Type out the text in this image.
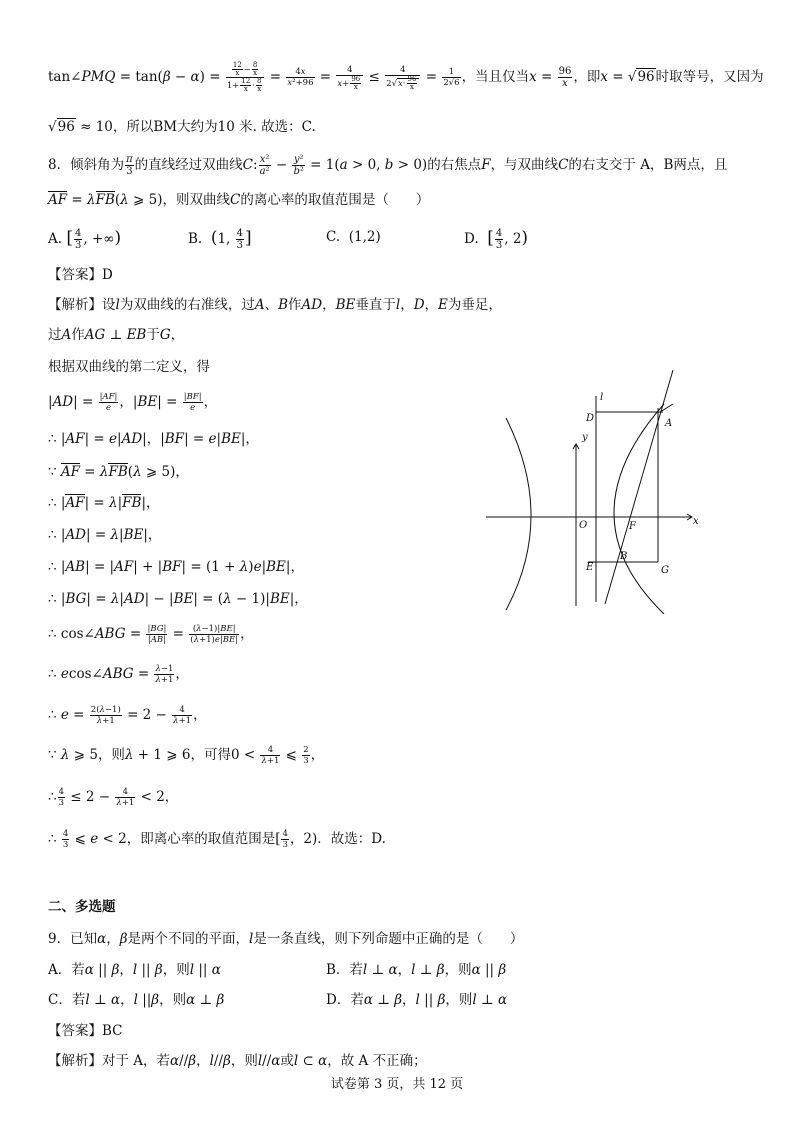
tan∠PMQ = $\tan(\beta - \alpha) = \frac{\frac{12}{x} - \frac{8}{x}}{1+ \frac{12}{x} \cdot \frac{8}{x}} = \frac{4x}{\text{x²+96}} = \frac{4}{x+ \frac{96}{x}} \le \frac{4}{2√x\cdot \frac{96}{x}} = \frac{1}{2√6}$ ，当且仅当$x = \frac{96}{x}$ ，即x = √96时取等号，又因为
√96 ≈ 10，所以BM大约为10 米. 故选：C.
8．倾斜角为 $\frac{\pi}{3}$ 的直线经过双曲线C: $\frac{\text{x²}}{\text{a²}} - \frac{\text{y²}}{\text{b²}} = 1(a > 0$, b > 0)的右焦点F，与双曲线C的右支交于 A，B两点，且
AF = λFB(λ ⩾ 5)，则双曲线C的离心率的取值范围是（　　）
A. [ $\frac{4}{3}$ , +∞)	B. (1, $\frac{4}{3}$ ]	C. (1,2)	D. [ $\frac{4}{3}$ , 2)
【答案】D
【解析】设l为双曲线的右准线，过A、B作AD，BE垂直于l，D，E为垂足，
过A作AG ⊥ EB于G，
根据双曲线的第二定义，得
$|AD| = \frac{|AF|}{e}$ ，$|BE| = \frac{|BF|}{e}$ ，
∴ |AF| = e|AD|，|BF| = e|BE|，
∵ AF = λFB(λ ⩾ 5)，
∴ |AF| = λ|FB|，
∴ |AD| = λ|BE|，
∴ |AB| = |AF| + |BF| = (1 + λ)e|BE|，
∴ |BG| = λ|AD| − |BE| = (λ − 1)|BE|，
∴ cos∠ABG = $\frac{|BG|}{|AB|} = \frac{(\lambda-1)|BE|}{(\lambda+1)e|BE|}$ ，
∴ ecos∠ABG = $\frac{\lambda-1}{\lambda+1}$ ，
∴ $e = \frac{2(\lambda-1)}{\lambda+1} = 2 - \frac{4}{\lambda+1}$ ，
∵ λ ⩾ 5，则λ + 1 ⩾ 6，可得$0 < \frac{4}{\lambda+1}$ ⩽ $\frac{2}{3}$ ，
∴ $\frac{4}{3} \le 2 - \frac{4}{\lambda+1} < 2$，
∴ $\frac{4}{3}$ ⩽ e < 2，即离心率的取值范围是[ $\frac{4}{3}$ ，2)．故选：D.
二、多选题
9．已知α，β是两个不同的平面，l是一条直线，则下列命题中正确的是（　　）
A．若α || β，l || β，则l || α	B．若l ⊥ α，l ⊥ β，则α || β
C．若l ⊥ α，l ||β，则α ⊥ β	D．若α ⊥ β，l || β，则l ⊥ α
【答案】BC
【解析】对于 A，若α//β，l//β，则l//α或l ⊂ α，故 A 不正确；
l
D	A
y
O	F	x
B
E	G
试卷第 3 页，共 12 页
